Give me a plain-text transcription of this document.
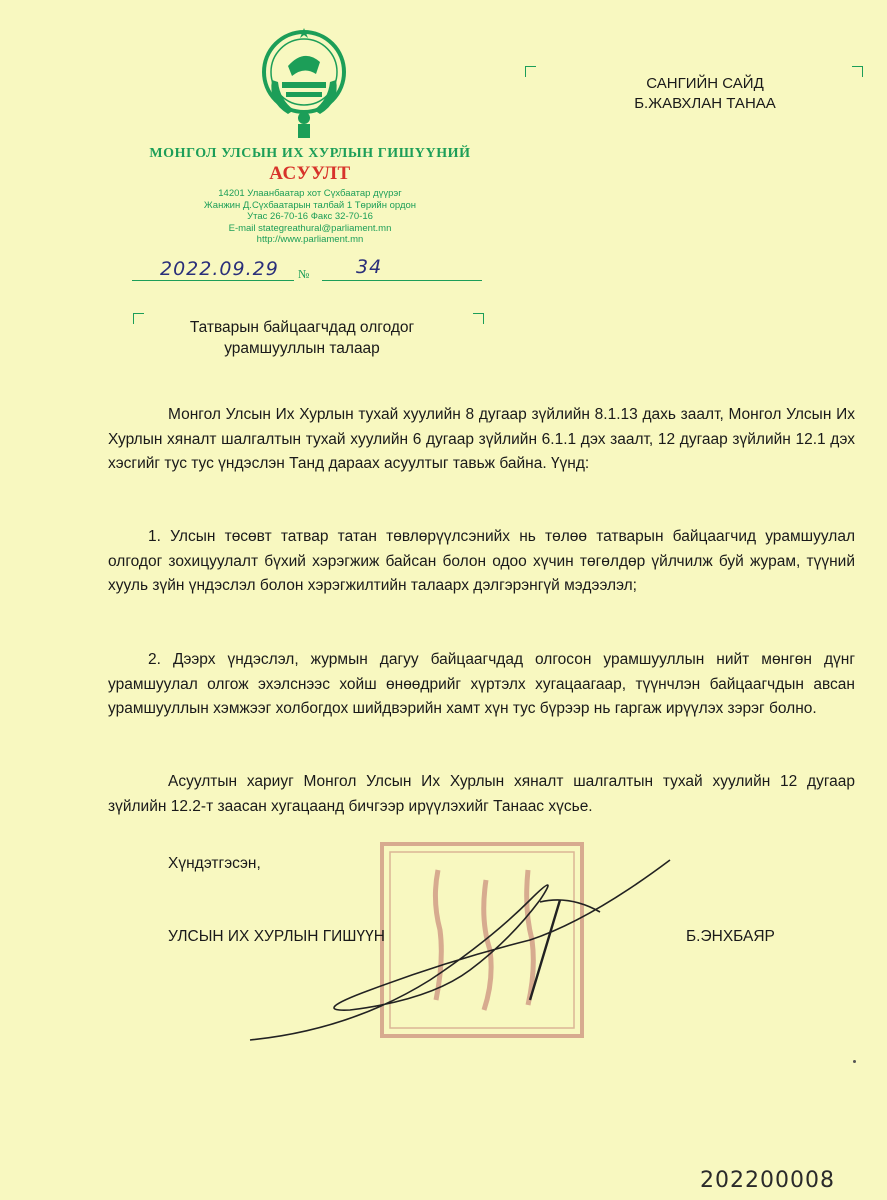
МОНГОЛ УЛСЫН ИХ ХУРЛЫН ГИШҮҮНИЙ
АСУУЛТ
14201 Улаанбаатар хот Сүхбаатар дүүрэг
Жанжин Д.Сүхбаатарын талбай 1 Төрийн ордон
Утас 26-70-16 Факс 32-70-16
E-mail stategreathural@parliament.mn
http://www.parliament.mn
2022.09.29 № 34
САНГИЙН САЙД
Б.ЖАВХЛАН ТАНАА
Татварын байцаагчдад олгодог
урамшууллын талаар
Монгол Улсын Их Хурлын тухай хуулийн 8 дугаар зүйлийн 8.1.13 дахь заалт, Монгол Улсын Их Хурлын хяналт шалгалтын тухай хуулийн 6 дугаар зүйлийн 6.1.1 дэх заалт, 12 дугаар зүйлийн 12.1 дэх хэсгийг тус тус үндэслэн Танд дараах асуултыг тавьж байна. Үүнд:
1. Улсын төсөвт татвар татан төвлөрүүлсэнийх нь төлөө татварын байцаагчид урамшуулал олгодог зохицуулалт бүхий хэрэгжиж байсан болон одоо хүчин төгөлдөр үйлчилж буй журам, түүний хууль зүйн үндэслэл болон хэрэгжилтийн талаарх дэлгэрэнгүй мэдээлэл;
2. Дээрх үндэслэл, журмын дагуу байцаагчдад олгосон урамшууллын нийт мөнгөн дүнг урамшуулал олгож эхэлснээс хойш өнөөдрийг хүртэлх хугацаагаар, түүнчлэн байцаагчдын авсан урамшууллын хэмжээг холбогдох шийдвэрийн хамт хүн тус бүрээр нь гаргаж ирүүлэх зэрэг болно.
Асуултын хариуг Монгол Улсын Их Хурлын хяналт шалгалтын тухай хуулийн 12 дугаар зүйлийн 12.2-т заасан хугацаанд бичгээр ирүүлэхийг Танаас хүсье.
Хүндэтгэсэн,
УЛСЫН ИХ ХУРЛЫН ГИШҮҮН	Б.ЭНХБАЯР
202200008
